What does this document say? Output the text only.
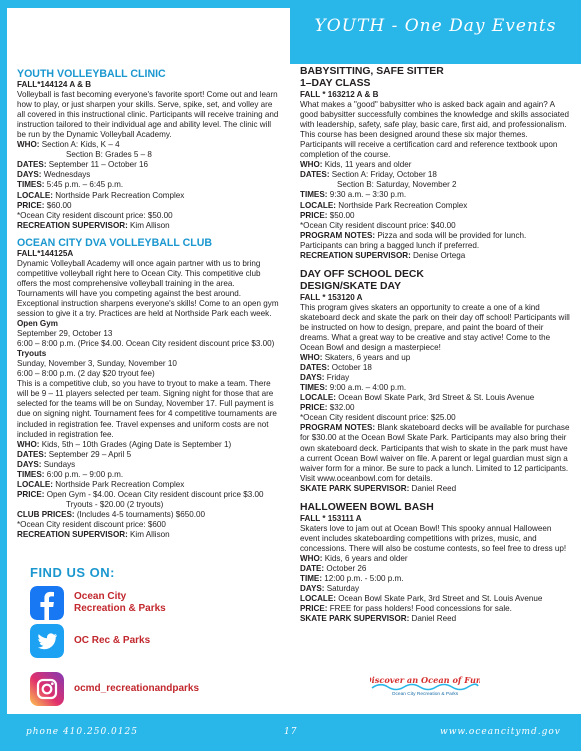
YOUTH - One Day Events

YOUTH VOLLEYBALL CLINIC

FALL*144124 A & B

Volleyball is fast becoming everyone's favorite sport! Come out and learn how to play, or just sharpen your skills. Serve, spike, set, and volley are all covered in this instructional clinic. Participants will receive training and instruction tailored to their individual age and ability level. The clinic will be run by the Dynamic Volleyball Academy.

WHO: Section A: Kids, K – 4

Section B: Grades 5 – 8

DATES: September 11 – October 16

DAYS: Wednesdays

TIMES: 5:45 p.m. – 6:45 p.m.

LOCALE: Northside Park Recreation Complex

PRICE: $60.00

*Ocean City resident discount price: $50.00

RECREATION SUPERVISOR: Kim Allison

OCEAN CITY DVA VOLLEYBALL CLUB

FALL*144125A

Dynamic Volleyball Academy will once again partner with us to bring competitive volleyball right here to Ocean City. This competitive club offers the most comprehensive volleyball training in the area. Tournaments will have you competing against the best around. Exceptional instruction sharpens everyone's skills! Come to an open gym session to give it a try. Practices are held at Northside Park each week.

Open Gym

September 29, October 13

6:00 – 8:00 p.m. (Price $4.00. Ocean City resident discount price $3.00)

Tryouts

Sunday, November 3, Sunday, November 10

6:00 – 8:00 p.m. (2 day $20 tryout fee)

This is a competitive club, so you have to tryout to make a team. There will be 9 – 11 players selected per team. Signing night for those that are selected for the teams will be on Sunday, November 17. Full payment is due on signing night. Tournament fees for 4 competitive tournaments are included in registration fee. Travel expenses and uniform costs are not included in registration fee.

WHO: Kids, 5th – 10th Grades (Aging Date is September 1)

DATES: September 29 – April 5

DAYS: Sundays

TIMES: 6:00 p.m. – 9:00 p.m.

LOCALE: Northside Park Recreation Complex

PRICE: Open Gym - $4.00. Ocean City resident discount price $3.00

Tryouts - $20.00 (2 tryouts)

CLUB PRICES: (Includes 4-5 tournaments) $650.00

*Ocean City resident discount price: $600

RECREATION SUPERVISOR: Kim Allison

FIND US ON:
Ocean City
Recreation & Parks
OC Rec & Parks
ocmd_recreationandparks

BABYSITTING, SAFE SITTER

1–DAY CLASS

FALL * 163212 A & B

What makes a "good" babysitter who is asked back again and again? A good babysitter successfully combines the knowledge and skills associated with leadership, safety, safe play, basic care, first aid, and professionalism. This course has been designed around these six major themes. Participants will receive a certification card and reference textbook upon completion of the course.

WHO: Kids, 11 years and older

DATES: Section A: Friday, October 18

Section B: Saturday, November 2

TIMES: 9:30 a.m. – 3:30 p.m.

LOCALE: Northside Park Recreation Complex

PRICE: $50.00

*Ocean City resident discount price: $40.00

PROGRAM NOTES: Pizza and soda will be provided for lunch. Participants can bring a bagged lunch if preferred.

RECREATION SUPERVISOR: Denise Ortega

DAY OFF SCHOOL DECK

DESIGN/SKATE DAY

FALL * 153120 A

This program gives skaters an opportunity to create a one of a kind skateboard deck and skate the park on their day off school! Participants will be instructed on how to design, prepare, and paint the board of their dreams. What a great way to be creative and stay active! Come to the Ocean Bowl and design a masterpiece!

WHO: Skaters, 6 years and up

DATES: October 18

DAYS: Friday

TIMES: 9:00 a.m. – 4:00 p.m.

LOCALE: Ocean Bowl Skate Park, 3rd Street & St. Louis Avenue

PRICE: $32.00

*Ocean City resident discount price: $25.00

PROGRAM NOTES: Blank skateboard decks will be available for purchase for $30.00 at the Ocean Bowl Skate Park. Participants may also bring their own skateboard deck. Participants that wish to skate in the park must have a current Ocean Bowl waiver on file. A parent or legal guardian must sign a waiver form for a minor. Be sure to pack a lunch. Limited to 12 participants. Visit www.oceanbowl.com for details.

SKATE PARK SUPERVISOR: Daniel Reed

HALLOWEEN BOWL BASH

FALL * 153111 A

Skaters love to jam out at Ocean Bowl! This spooky annual Halloween event includes skateboarding competitions with prizes, music, and concessions. There will also be costume contests, so feel free to dress up!

WHO: Kids, 6 years and older

DATE: October 26

TIME: 12:00 p.m. - 5:00 p.m.

DAYS: Saturday

LOCALE: Ocean Bowl Skate Park, 3rd Street and St. Louis Avenue

PRICE: FREE for pass holders! Food concessions for sale.

SKATE PARK SUPERVISOR: Daniel Reed

Discover an Ocean of Fun!
Ocean City Recreation & Parks
phone 410.250.0125	17	www.oceancitymd.gov
